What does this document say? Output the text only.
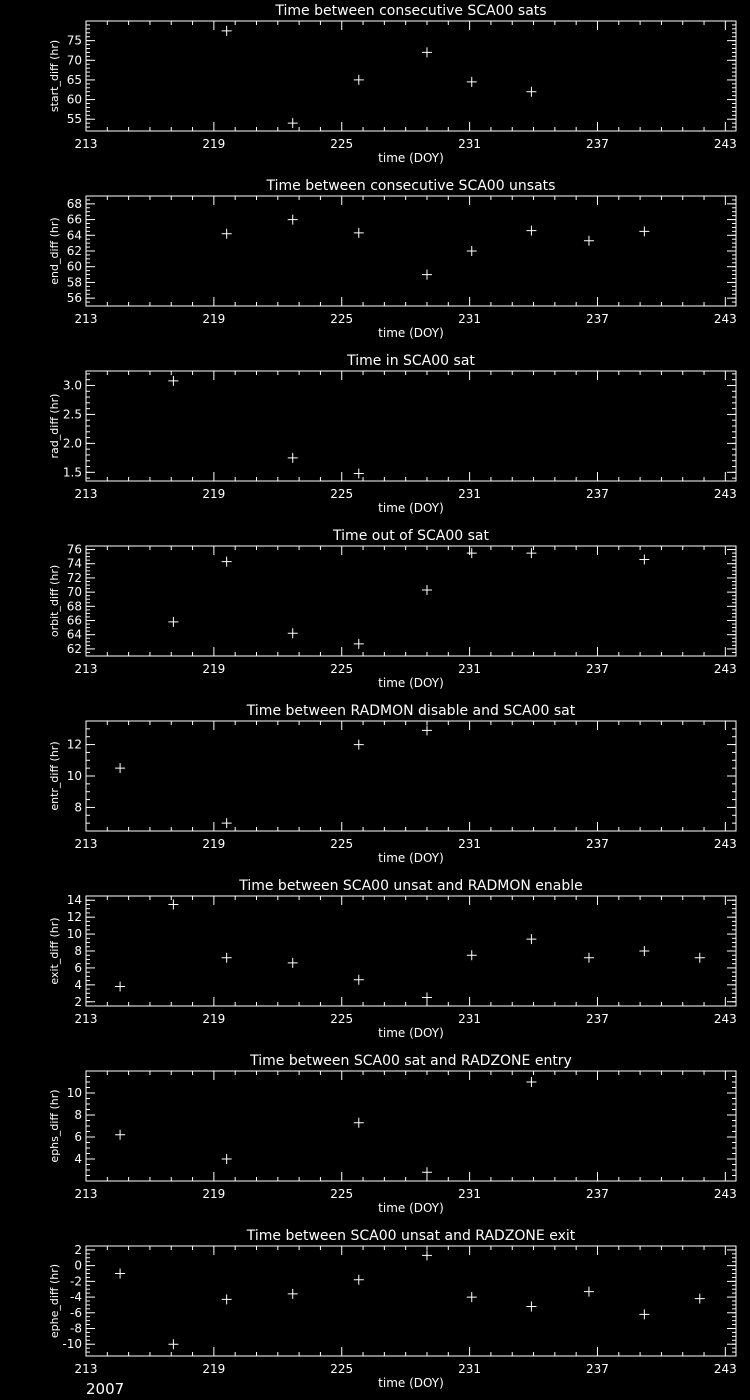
Time between consecutive SCA00 sats
213	219	225	231	237	243
time (DOY)
55
60
65
70
75
start_diff (hr)
Time between consecutive SCA00 unsats
213	219	225	231	237	243
time (DOY)
56
58
60
62
64
66
68
end_diff (hr)
Time in SCA00 sat
213	219	225	231	237	243
time (DOY)
1.5
2.0
2.5
3.0
rad_diff (hr)
Time out of SCA00 sat
213	219	225	231	237	243
time (DOY)
62
64
66
68
70
72
74
76
orbit_diff (hr)
Time between RADMON disable and SCA00 sat
213	219	225	231	237	243
time (DOY)
8
10
12
entr_diff (hr)
Time between SCA00 unsat and RADMON enable
213	219	225	231	237	243
time (DOY)
2
4
6
8
10
12
14
exit_diff (hr)
Time between SCA00 sat and RADZONE entry
213	219	225	231	237	243
time (DOY)
4
6
8
10
ephs_diff (hr)
Time between SCA00 unsat and RADZONE exit
213	219	225	231	237	243
time (DOY)
-10
-8
-6
-4
-2
0
2
ephe_diff (hr)
2007
